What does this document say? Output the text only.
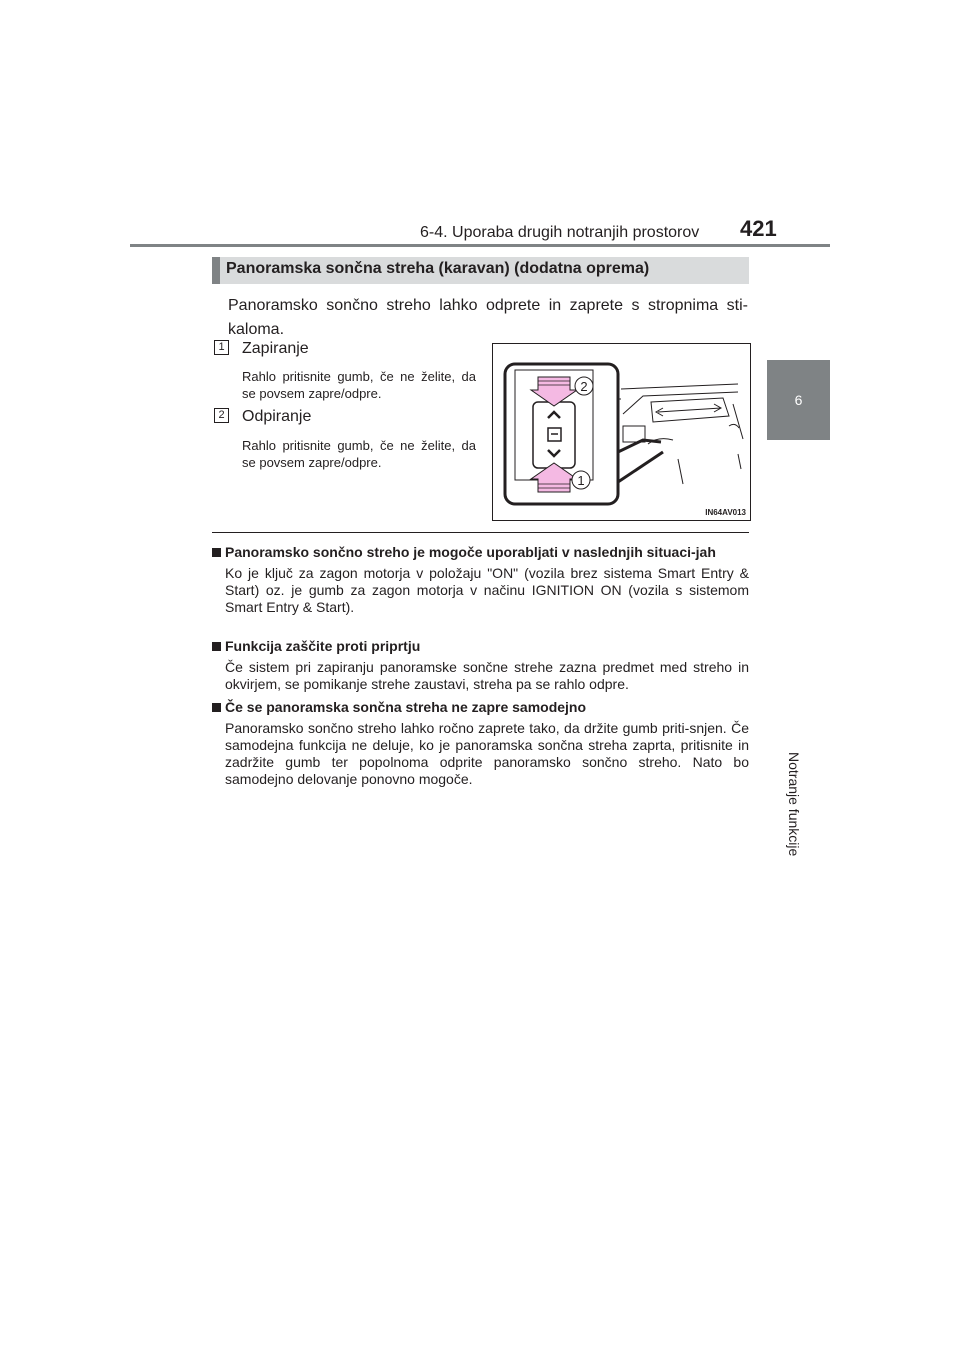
6-4. Uporaba drugih notranjih prostorov 421
6
Notranje funkcije
Panoramska sončna streha (karavan) (dodatna oprema)
Panoramsko sončno streho lahko odprete in zaprete s stropnima sti-kaloma.
1 Zapiranje
Rahlo pritisnite gumb, če ne želite, da se povsem zapre/odpre.
2 Odpiranje
Rahlo pritisnite gumb, če ne želite, da se povsem zapre/odpre.
2
1
IN64AV013
Panoramsko sončno streho je mogoče uporabljati v naslednjih situaci-jah
Ko je ključ za zagon motorja v položaju "ON" (vozila brez sistema Smart Entry & Start) oz. je gumb za zagon motorja v načinu IGNITION ON (vozila s sistemom Smart Entry & Start).
Funkcija zaščite proti priprtju
Če sistem pri zapiranju panoramske sončne strehe zazna predmet med streho in okvirjem, se pomikanje strehe zaustavi, streha pa se rahlo odpre.
Če se panoramska sončna streha ne zapre samodejno
Panoramsko sončno streho lahko ročno zaprete tako, da držite gumb priti-snjen. Če samodejna funkcija ne deluje, ko je panoramska sončna streha zaprta, pritisnite in zadržite gumb ter popolnoma odprite panoramsko sončno streho. Nato bo samodejno delovanje ponovno mogoče.
